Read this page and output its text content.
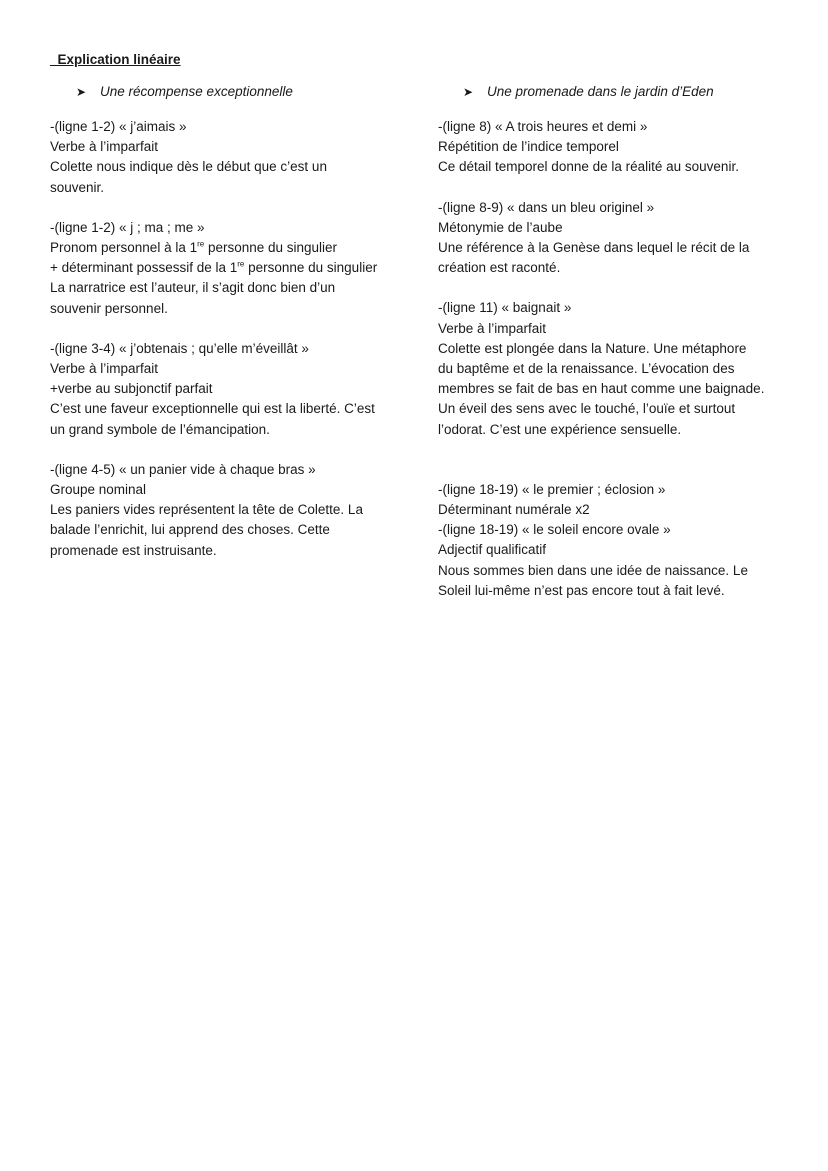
_Explication linéaire
➤ Une récompense exceptionnelle
-(ligne 1-2) « j’aimais »
Verbe à l’imparfait
Colette nous indique dès le début que c’est un
souvenir.
-(ligne 1-2) « j ; ma ; me »
Pronom personnel à la 1re personne du singulier
+ déterminant possessif de la 1re personne du singulier
La narratrice est l’auteur, il s’agit donc bien d’un
souvenir personnel.
-(ligne 3-4) « j’obtenais ; qu’elle m’éveillât »
Verbe à l’imparfait
+verbe au subjonctif parfait
C’est une faveur exceptionnelle qui est la liberté. C’est
un grand symbole de l’émancipation.
-(ligne 4-5) « un panier vide à chaque bras »
Groupe nominal
Les paniers vides représentent la tête de Colette. La
balade l’enrichit, lui apprend des choses. Cette
promenade est instruisante.
➤ Une promenade dans le jardin d’Eden
-(ligne 8) « A trois heures et demi »
Répétition de l’indice temporel
Ce détail temporel donne de la réalité au souvenir.
-(ligne 8-9) « dans un bleu originel »
Métonymie de l’aube
Une référence à la Genèse dans lequel le récit de la
création est raconté.
-(ligne 11) « baignait »
Verbe à l’imparfait
Colette est plongée dans la Nature. Une métaphore
du baptême et de la renaissance. L’évocation des
membres se fait de bas en haut comme une baignade.
Un éveil des sens avec le touché, l’ouïe et surtout
l’odorat. C’est une expérience sensuelle.
-(ligne 18-19) « le premier ; éclosion »
Déterminant numérale x2
-(ligne 18-19) « le soleil encore ovale »
Adjectif qualificatif
Nous sommes bien dans une idée de naissance. Le
Soleil lui-même n’est pas encore tout à fait levé.
